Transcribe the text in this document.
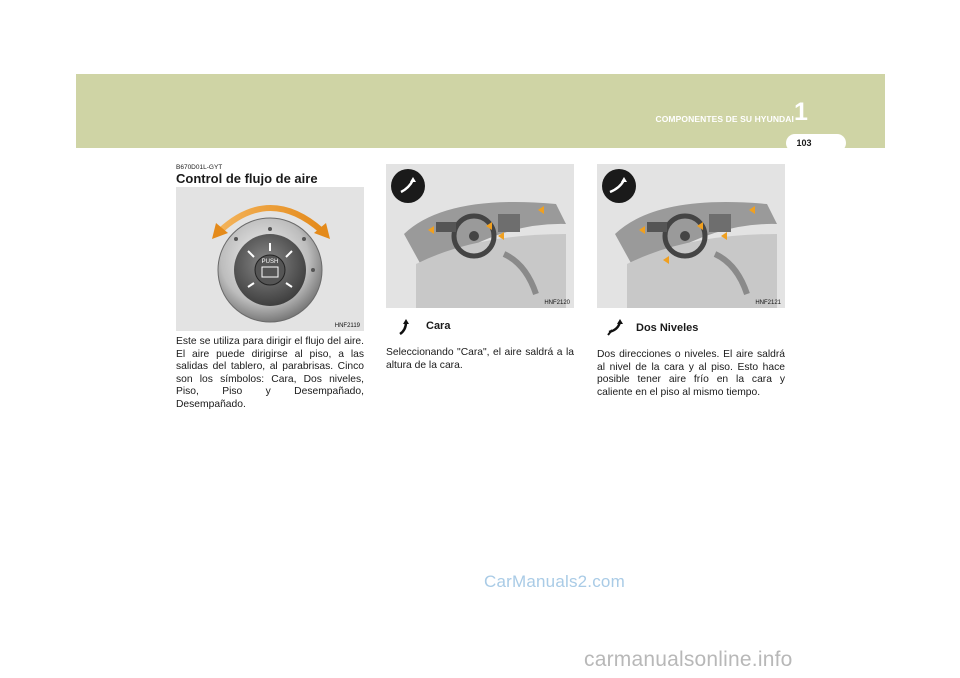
COMPONENTES DE SU HYUNDAI 1
103
B670D01L-GYT
Control de flujo de aire
PUSH
HNF2119
Este se utiliza para dirigir el flujo del aire. El aire puede dirigirse al piso, a las salidas del tablero, al parabrisas. Cinco son los símbolos: Cara, Dos niveles, Piso, Piso y Desempañado, Desempañado.
HNF2120
Cara
Seleccionando "Cara", el aire saldrá a la altura de la cara.
HNF2121
Dos Niveles
Dos direcciones o niveles. El aire saldrá al nivel de la cara y al piso. Esto hace posible tener aire frío en la cara y caliente en el piso al mismo tiempo.
CarManuals2.com
carmanualsonline.info
